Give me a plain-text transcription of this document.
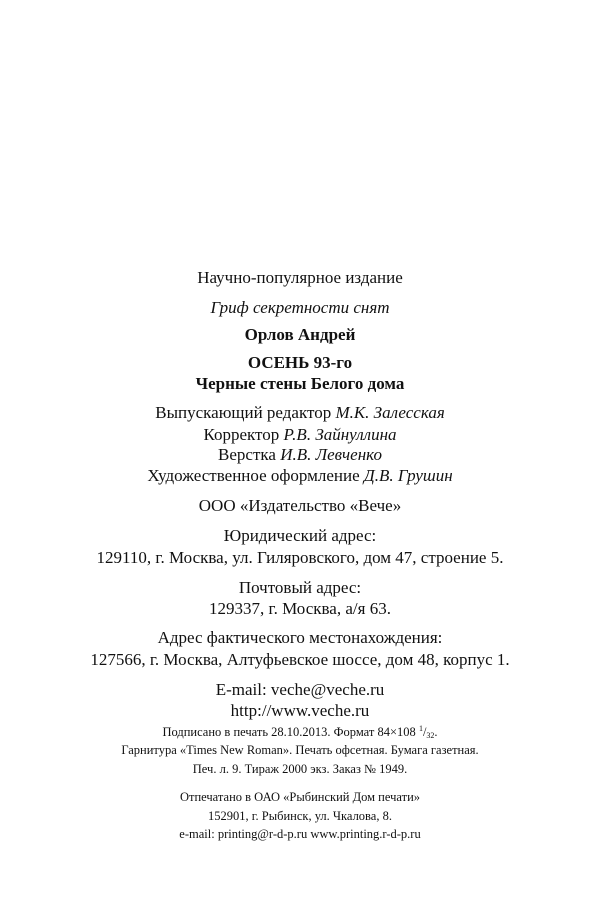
Научно-популярное издание
Гриф секретности снят
Орлов Андрей
ОСЕНЬ 93-го
Черные стены Белого дома
Выпускающий редактор М.К. Залесская
Корректор Р.В. Зайнуллина
Верстка И.В. Левченко
Художественное оформление Д.В. Грушин
ООО «Издательство «Вече»
Юридический адрес:
129110, г. Москва, ул. Гиляровского, дом 47, строение 5.
Почтовый адрес:
129337, г. Москва, а/я 63.
Адрес фактического местонахождения:
127566, г. Москва, Алтуфьевское шоссе, дом 48, корпус 1.
E-mail: veche@veche.ru
http://www.veche.ru
Подписано в печать 28.10.2013. Формат 84×108 $^1/_{32}$.
Гарнитура «Times New Roman». Печать офсетная. Бумага газетная.
Печ. л. 9. Тираж 2000 экз. Заказ № 1949.
Отпечатано в ОАО «Рыбинский Дом печати»
152901, г. Рыбинск, ул. Чкалова, 8.
e-mail: printing@r-d-p.ru www.printing.r-d-p.ru
